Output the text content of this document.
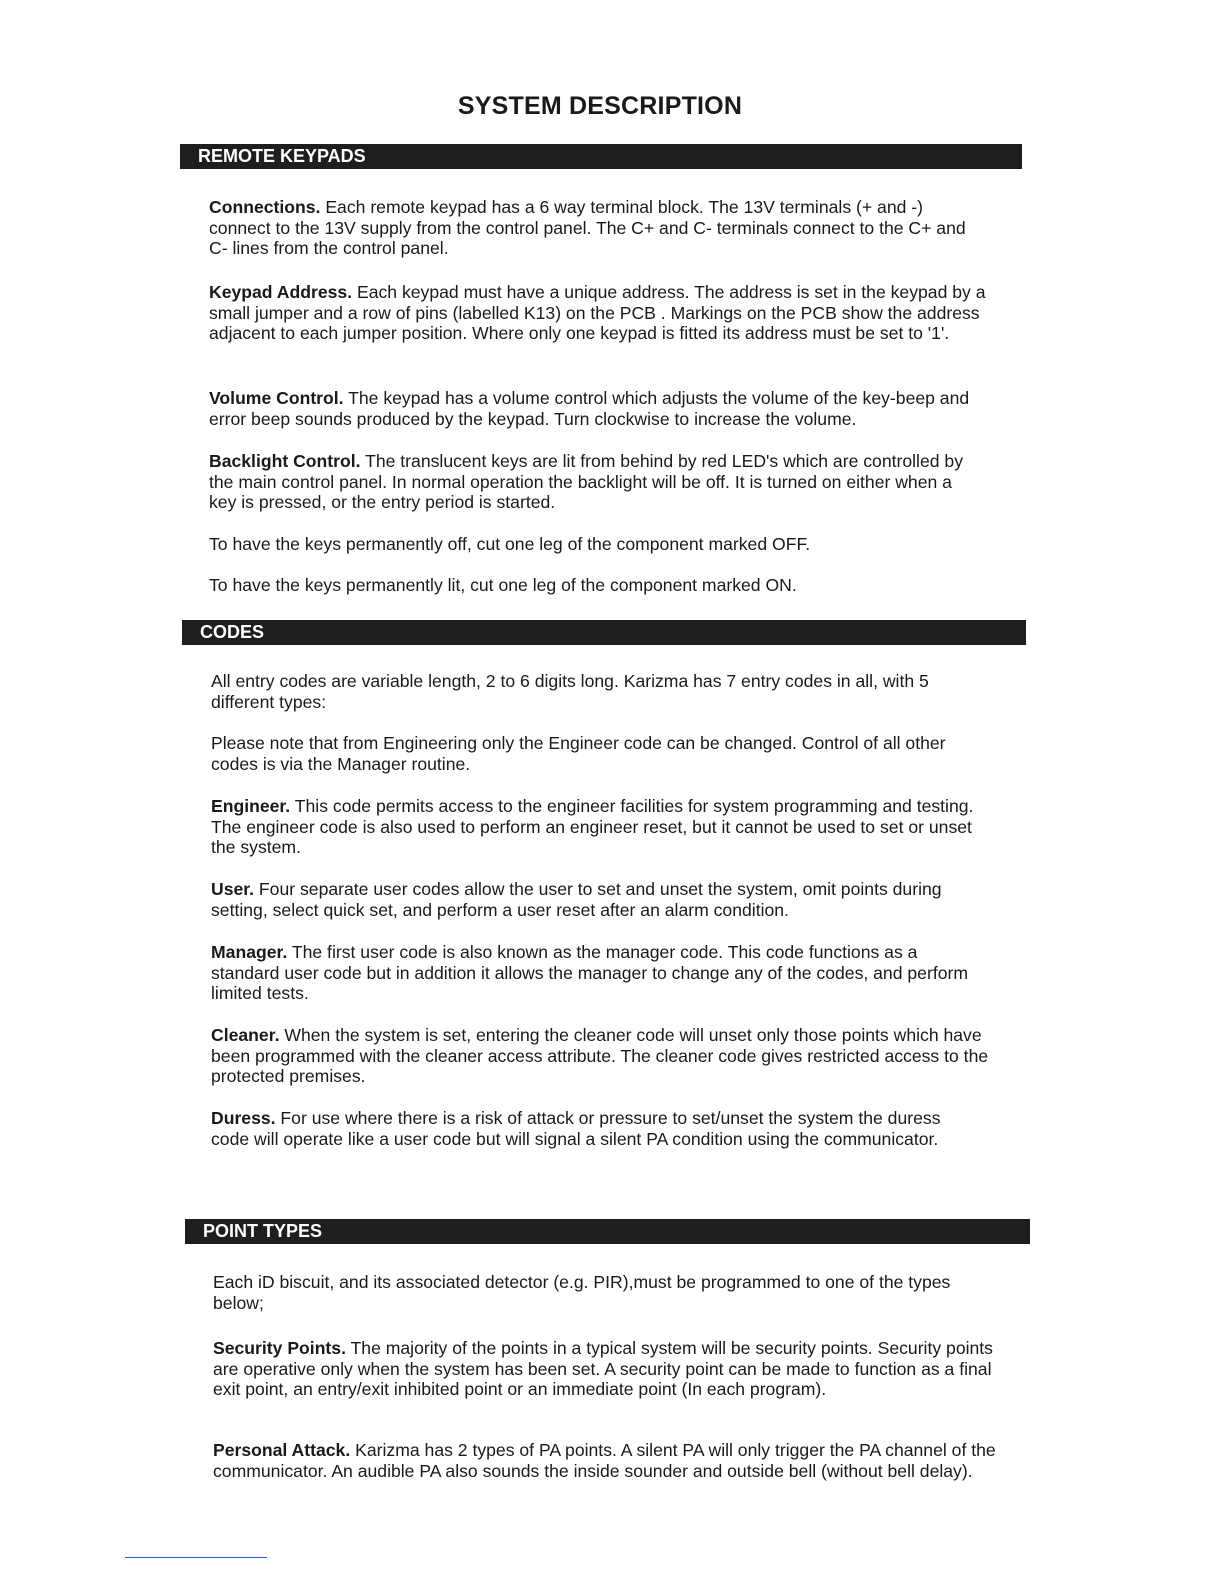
SYSTEM DESCRIPTION
REMOTE KEYPADS
Connections. Each remote keypad has a 6 way terminal block. The 13V terminals (+ and -) connect to the 13V supply from the control panel. The C+ and C- terminals connect to the C+ and C- lines from the control panel.
Keypad Address. Each keypad must have a unique address. The address is set in the keypad by a small jumper and a row of pins (labelled K13) on the PCB . Markings on the PCB show the address adjacent to each jumper position. Where only one keypad is fitted its address must be set to '1'.
Volume Control. The keypad has a volume control which adjusts the volume of the key-beep and error beep sounds produced by the keypad. Turn clockwise to increase the volume.
Backlight Control. The translucent keys are lit from behind by red LED's which are controlled by the main control panel. In normal operation the backlight will be off. It is turned on either when a key is pressed, or the entry period is started.
To have the keys permanently off, cut one leg of the component marked OFF.
To have the keys permanently lit, cut one leg of the component marked ON.
CODES
All entry codes are variable length, 2 to 6 digits long. Karizma has 7 entry codes in all, with 5 different types:
Please note that from Engineering only the Engineer code can be changed. Control of all other codes is via the Manager routine.
Engineer. This code permits access to the engineer facilities for system programming and testing. The engineer code is also used to perform an engineer reset, but it cannot be used to set or unset the system.
User. Four separate user codes allow the user to set and unset the system, omit points during setting, select quick set, and perform a user reset after an alarm condition.
Manager. The first user code is also known as the manager code. This code functions as a standard user code but in addition it allows the manager to change any of the codes, and perform limited tests.
Cleaner. When the system is set, entering the cleaner code will unset only those points which have been programmed with the cleaner access attribute. The cleaner code gives restricted access to the protected premises.
Duress. For use where there is a risk of attack or pressure to set/unset the system the duress code will operate like a user code but will signal a silent PA condition using the communicator.
POINT TYPES
Each iD biscuit, and its associated detector (e.g. PIR),must be programmed to one of the types below;
Security Points. The majority of the points in a typical system will be security points. Security points are operative only when the system has been set. A security point can be made to function as a final exit point, an entry/exit inhibited point or an immediate point (In each program).
Personal Attack. Karizma has 2 types of PA points. A silent PA will only trigger the PA channel of the communicator. An audible PA also sounds the inside sounder and outside bell (without bell delay).
